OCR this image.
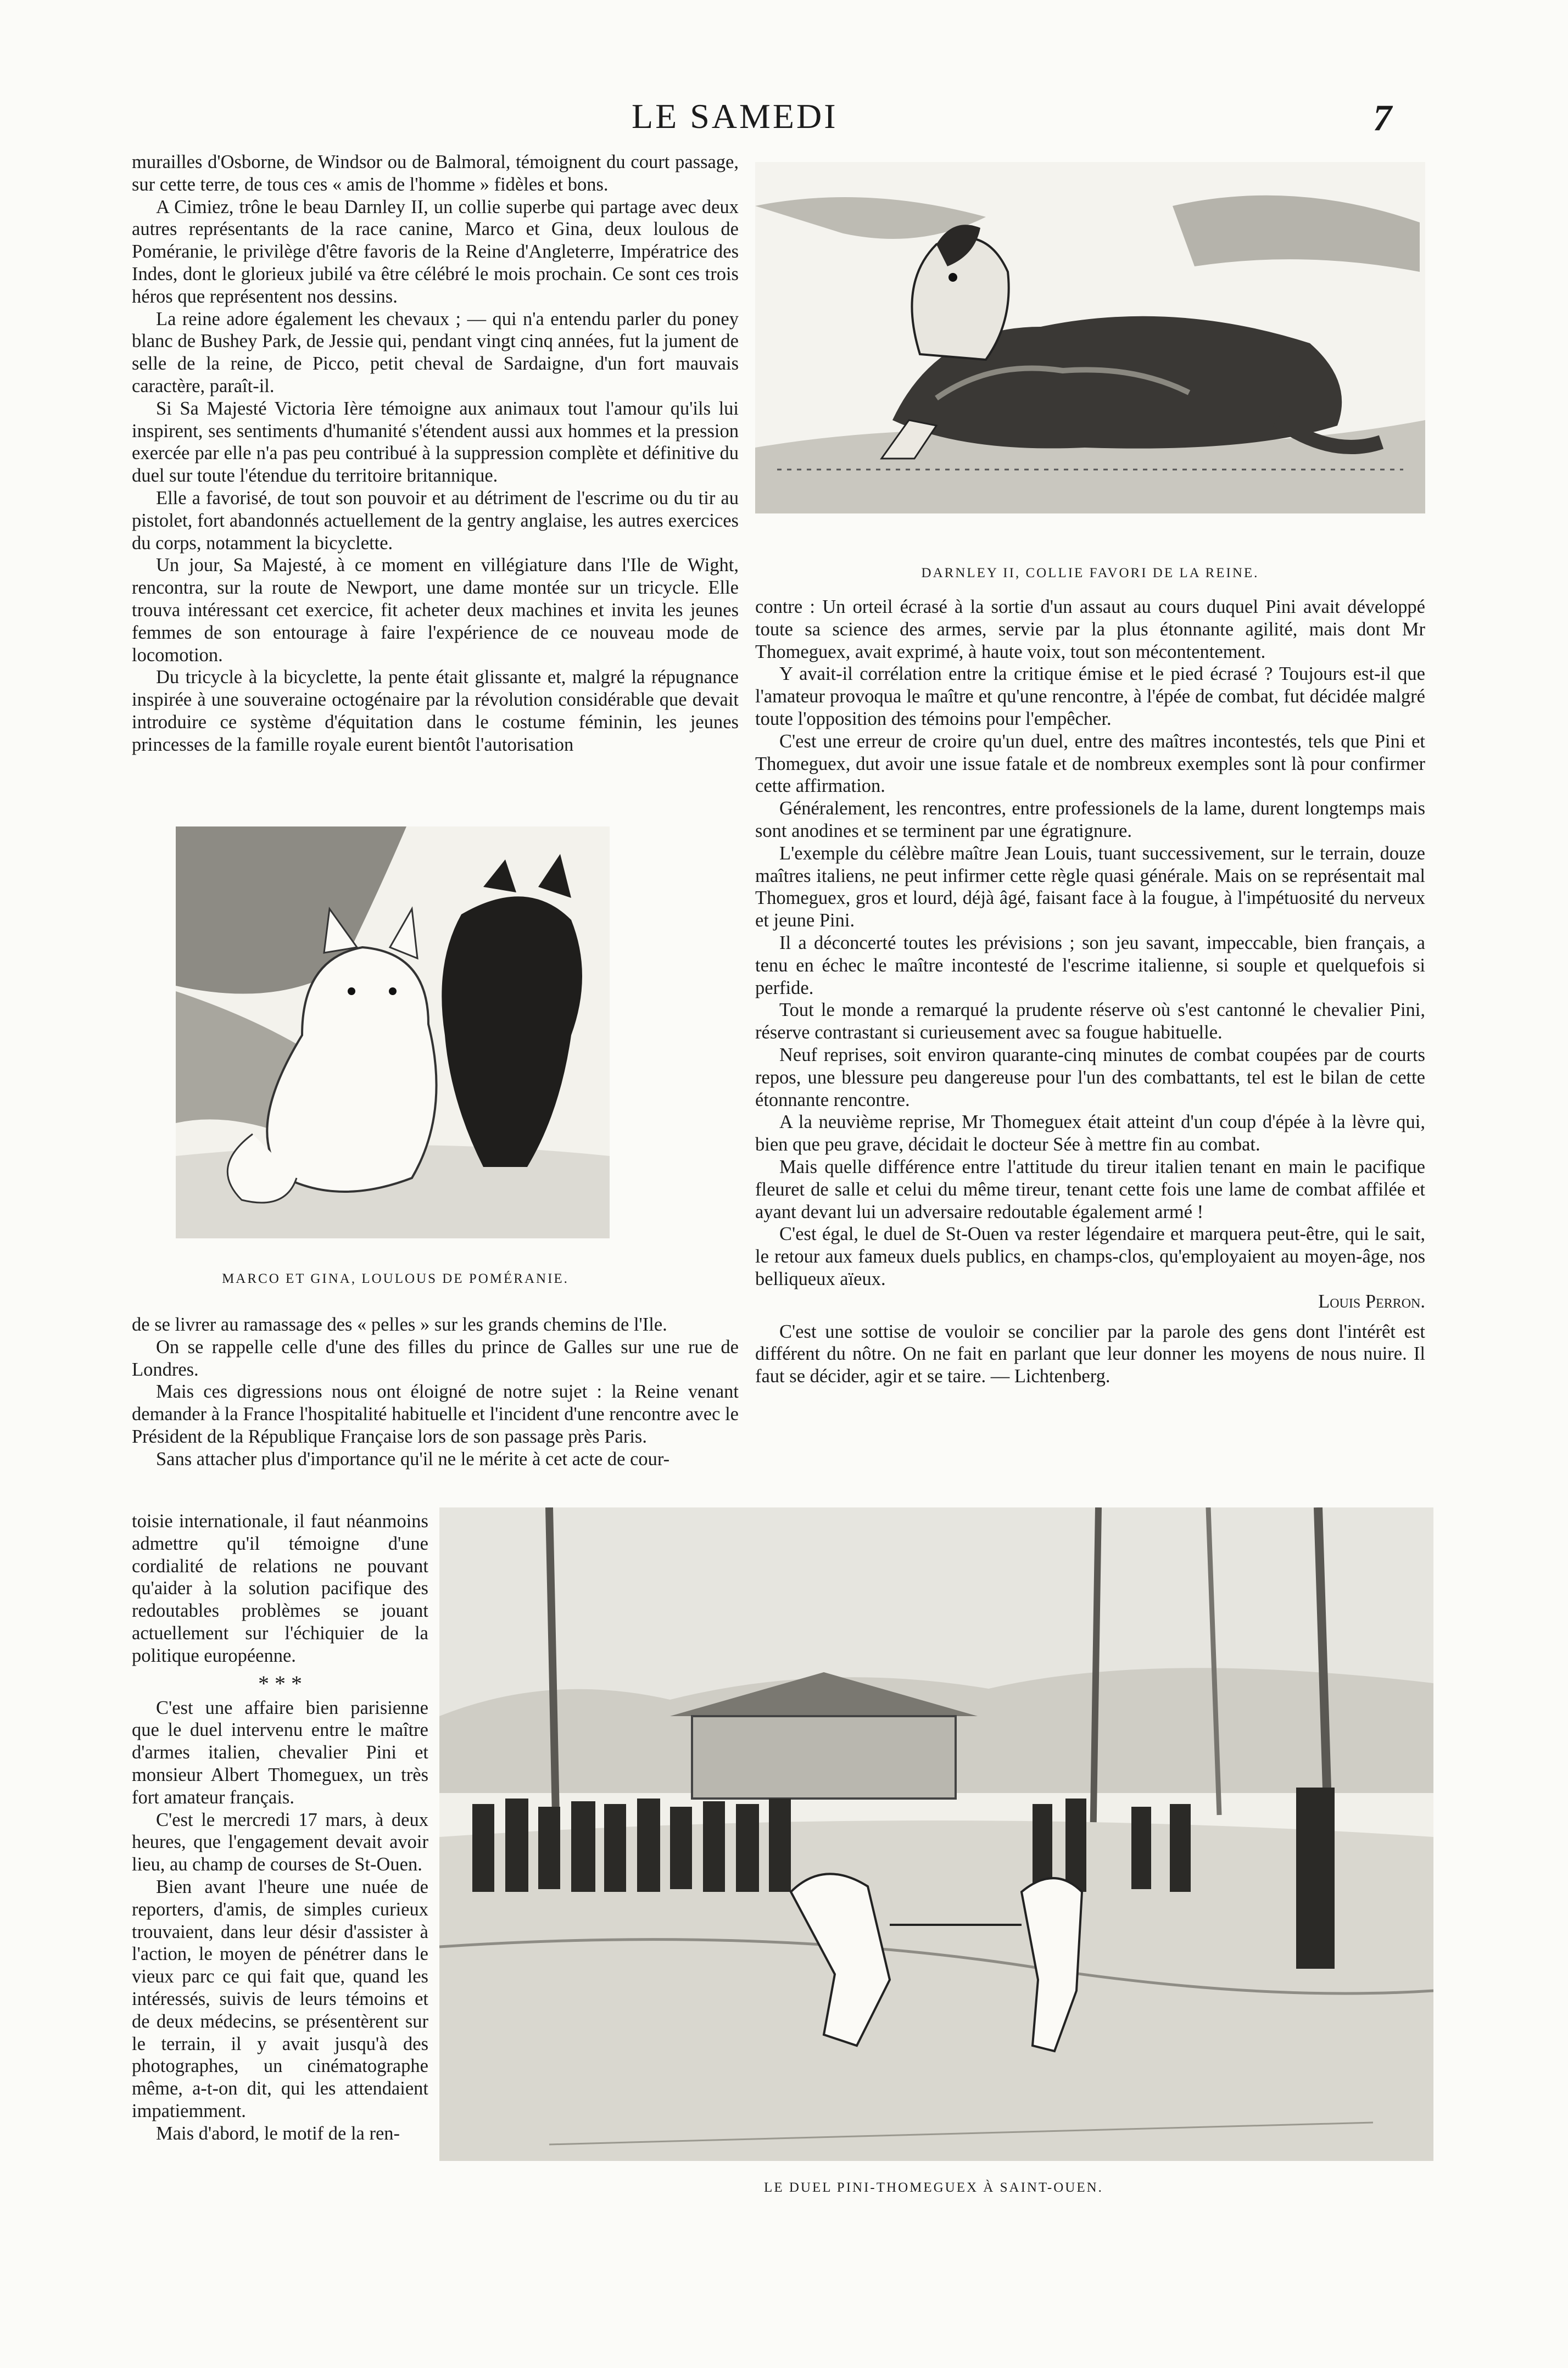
LE SAMEDI	7

murailles d'Osborne, de Windsor ou de Balmoral, témoignent du court passage, sur cette terre, de tous ces « amis de l'homme » fidèles et bons.

A Cimiez, trône le beau Darnley II, un collie superbe qui partage avec deux autres représentants de la race canine, Marco et Gina, deux loulous de Poméranie, le privilège d'être favoris de la Reine d'Angleterre, Impératrice des Indes, dont le glorieux jubilé va être célébré le mois prochain. Ce sont ces trois héros que représentent nos dessins.

La reine adore également les chevaux ; — qui n'a entendu parler du poney blanc de Bushey Park, de Jessie qui, pendant vingt cinq années, fut la jument de selle de la reine, de Picco, petit cheval de Sardaigne, d'un fort mauvais caractère, paraît-il.

Si Sa Majesté Victoria Ière témoigne aux animaux tout l'amour qu'ils lui inspirent, ses sentiments d'humanité s'étendent aussi aux hommes et la pression exercée par elle n'a pas peu contribué à la suppression complète et définitive du duel sur toute l'étendue du territoire britannique.

Elle a favorisé, de tout son pouvoir et au détriment de l'escrime ou du tir au pistolet, fort abandonnés actuellement de la gentry anglaise, les autres exercices du corps, notamment la bicyclette.

Un jour, Sa Majesté, à ce moment en villégiature dans l'Ile de Wight, rencontra, sur la route de Newport, une dame montée sur un tricycle. Elle trouva intéressant cet exercice, fit acheter deux machines et invita les jeunes femmes de son entourage à faire l'expérience de ce nouveau mode de locomotion.

Du tricycle à la bicyclette, la pente était glissante et, malgré la répugnance inspirée à une souveraine octogénaire par la révolution considérable que devait introduire ce système d'équitation dans le costume féminin, les jeunes princesses de la famille royale eurent bientôt l'autorisation

DARNLEY II, COLLIE FAVORI DE LA REINE.
MARCO ET GINA, LOULOUS DE POMÉRANIE.

de se livrer au ramassage des « pelles » sur les grands chemins de l'Ile.

On se rappelle celle d'une des filles du prince de Galles sur une rue de Londres.

Mais ces digressions nous ont éloigné de notre sujet : la Reine venant demander à la France l'hospitalité habituelle et l'incident d'une rencontre avec le Président de la République Française lors de son passage près Paris.

Sans attacher plus d'importance qu'il ne le mérite à cet acte de cour-

toisie internationale, il faut néanmoins admettre qu'il témoigne d'une cordialité de relations ne pouvant qu'aider à la solution pacifique des redoutables problèmes se jouant actuellement sur l'échiquier de la politique européenne.

* * *

C'est une affaire bien parisienne que le duel intervenu entre le maître d'armes italien, chevalier Pini et monsieur Albert Thomeguex, un très fort amateur français.

C'est le mercredi 17 mars, à deux heures, que l'engagement devait avoir lieu, au champ de courses de St-Ouen.

Bien avant l'heure une nuée de reporters, d'amis, de simples curieux trouvaient, dans leur désir d'assister à l'action, le moyen de pénétrer dans le vieux parc ce qui fait que, quand les intéressés, suivis de leurs témoins et de deux médecins, se présentèrent sur le terrain, il y avait jusqu'à des photographes, un cinématographe même, a-t-on dit, qui les attendaient impatiemment.

Mais d'abord, le motif de la ren-

contre : Un orteil écrasé à la sortie d'un assaut au cours duquel Pini avait développé toute sa science des armes, servie par la plus étonnante agilité, mais dont Mr Thomeguex, avait exprimé, à haute voix, tout son mécontentement.

Y avait-il corrélation entre la critique émise et le pied écrasé ? Toujours est-il que l'amateur provoqua le maître et qu'une rencontre, à l'épée de combat, fut décidée malgré toute l'opposition des témoins pour l'empêcher.

C'est une erreur de croire qu'un duel, entre des maîtres incontestés, tels que Pini et Thomeguex, dut avoir une issue fatale et de nombreux exemples sont là pour confirmer cette affirmation.

Généralement, les rencontres, entre professionels de la lame, durent longtemps mais sont anodines et se terminent par une égratignure.

L'exemple du célèbre maître Jean Louis, tuant successivement, sur le terrain, douze maîtres italiens, ne peut infirmer cette règle quasi générale. Mais on se représentait mal Thomeguex, gros et lourd, déjà âgé, faisant face à la fougue, à l'impétuosité du nerveux et jeune Pini.

Il a déconcerté toutes les prévisions ; son jeu savant, impeccable, bien français, a tenu en échec le maître incontesté de l'escrime italienne, si souple et quelquefois si perfide.

Tout le monde a remarqué la prudente réserve où s'est cantonné le chevalier Pini, réserve contrastant si curieusement avec sa fougue habituelle.

Neuf reprises, soit environ quarante-cinq minutes de combat coupées par de courts repos, une blessure peu dangereuse pour l'un des combattants, tel est le bilan de cette étonnante rencontre.

A la neuvième reprise, Mr Thomeguex était atteint d'un coup d'épée à la lèvre qui, bien que peu grave, décidait le docteur Sée à mettre fin au combat.

Mais quelle différence entre l'attitude du tireur italien tenant en main le pacifique fleuret de salle et celui du même tireur, tenant cette fois une lame de combat affilée et ayant devant lui un adversaire redoutable également armé !

C'est égal, le duel de St-Ouen va rester légendaire et marquera peut-être, qui le sait, le retour aux fameux duels publics, en champs-clos, qu'employaient au moyen-âge, nos belliqueux aïeux.

Louis Perron.

C'est une sottise de vouloir se concilier par la parole des gens dont l'intérêt est différent du nôtre. On ne fait en parlant que leur donner les moyens de nous nuire. Il faut se décider, agir et se taire. — Lichtenberg.

LE DUEL PINI-THOMEGUEX À SAINT-OUEN.
